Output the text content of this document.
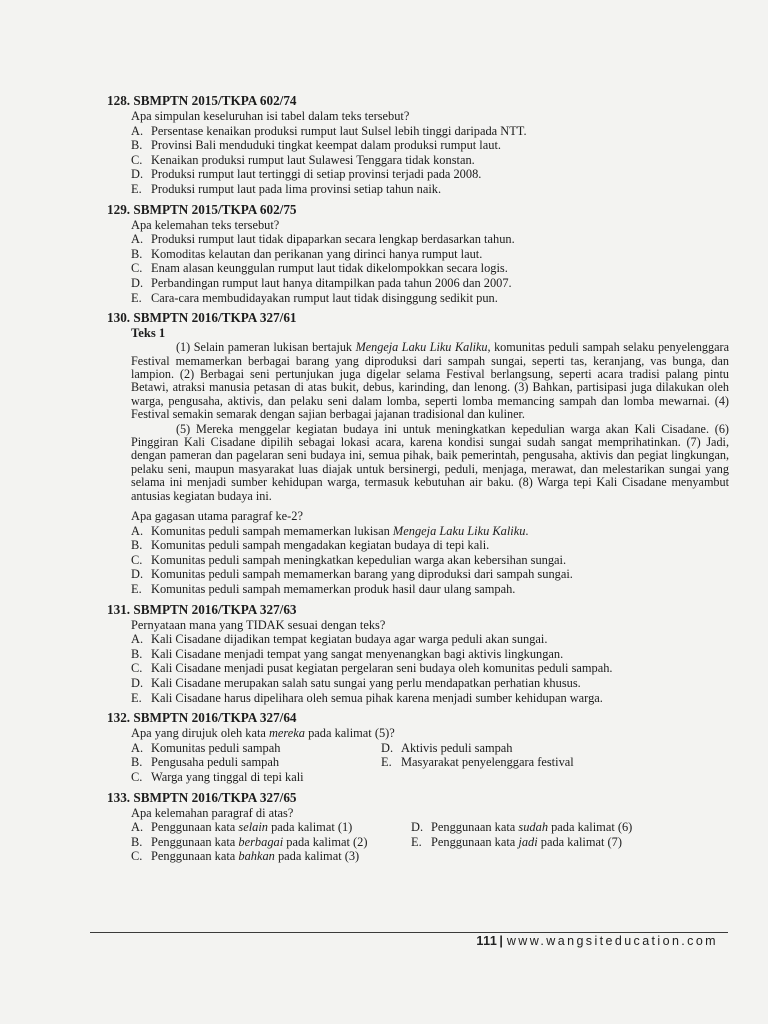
128. SBMPTN 2015/TKPA 602/74
Apa simpulan keseluruhan isi tabel dalam teks tersebut?
A. Persentase kenaikan produksi rumput laut Sulsel lebih tinggi daripada NTT.
B. Provinsi Bali menduduki tingkat keempat dalam produksi rumput laut.
C. Kenaikan produksi rumput laut Sulawesi Tenggara tidak konstan.
D. Produksi rumput laut tertinggi di setiap provinsi terjadi pada 2008.
E. Produksi rumput laut pada lima provinsi setiap tahun naik.
129. SBMPTN 2015/TKPA 602/75
Apa kelemahan teks tersebut?
A. Produksi rumput laut tidak dipaparkan secara lengkap berdasarkan tahun.
B. Komoditas kelautan dan perikanan yang dirinci hanya rumput laut.
C. Enam alasan keunggulan rumput laut tidak dikelompokkan secara logis.
D. Perbandingan rumput laut hanya ditampilkan pada tahun 2006 dan 2007.
E. Cara-cara membudidayakan rumput laut tidak disinggung sedikit pun.
130. SBMPTN 2016/TKPA 327/61
Teks 1

(1) Selain pameran lukisan bertajuk Mengeja Laku Liku Kaliku, komunitas peduli sampah selaku penyelenggara Festival memamerkan berbagai barang yang diproduksi dari sampah sungai, seperti tas, keranjang, vas bunga, dan lampion. (2) Berbagai seni pertunjukan juga digelar selama Festival berlangsung, seperti acara tradisi palang pintu Betawi, atraksi manusia petasan di atas bukit, debus, karinding, dan lenong. (3) Bahkan, partisipasi juga dilakukan oleh warga, pengusaha, aktivis, dan pelaku seni dalam lomba, seperti lomba memancing sampah dan lomba mewarnai. (4) Festival semakin semarak dengan sajian berbagai jajanan tradisional dan kuliner.

(5) Mereka menggelar kegiatan budaya ini untuk meningkatkan kepedulian warga akan Kali Cisadane. (6) Pinggiran Kali Cisadane dipilih sebagai lokasi acara, karena kondisi sungai sudah sangat memprihatinkan. (7) Jadi, dengan pameran dan pagelaran seni budaya ini, semua pihak, baik pemerintah, pengusaha, aktivis dan pegiat lingkungan, pelaku seni, maupun masyarakat luas diajak untuk bersinergi, peduli, menjaga, merawat, dan melestarikan sungai yang selama ini menjadi sumber kehidupan warga, termasuk kebutuhan air baku. (8) Warga tepi Kali Cisadane menyambut antusias kegiatan budaya ini.

Apa gagasan utama paragraf ke-2?
A. Komunitas peduli sampah memamerkan lukisan Mengeja Laku Liku Kaliku.
B. Komunitas peduli sampah mengadakan kegiatan budaya di tepi kali.
C. Komunitas peduli sampah meningkatkan kepedulian warga akan kebersihan sungai.
D. Komunitas peduli sampah memamerkan barang yang diproduksi dari sampah sungai.
E. Komunitas peduli sampah memamerkan produk hasil daur ulang sampah.
131. SBMPTN 2016/TKPA 327/63
Pernyataan mana yang TIDAK sesuai dengan teks?
A. Kali Cisadane dijadikan tempat kegiatan budaya agar warga peduli akan sungai.
B. Kali Cisadane menjadi tempat yang sangat menyenangkan bagi aktivis lingkungan.
C. Kali Cisadane menjadi pusat kegiatan pergelaran seni budaya oleh komunitas peduli sampah.
D. Kali Cisadane merupakan salah satu sungai yang perlu mendapatkan perhatian khusus.
E. Kali Cisadane harus dipelihara oleh semua pihak karena menjadi sumber kehidupan warga.
132. SBMPTN 2016/TKPA 327/64
Apa yang dirujuk oleh kata mereka pada kalimat (5)?
A. Komunitas peduli sampah	D. Aktivis peduli sampah
B. Pengusaha peduli sampah	E. Masyarakat penyelenggara festival
C. Warga yang tinggal di tepi kali
133. SBMPTN 2016/TKPA 327/65
Apa kelemahan paragraf di atas?
A. Penggunaan kata selain pada kalimat (1)	D. Penggunaan kata sudah pada kalimat (6)
B. Penggunaan kata berbagai pada kalimat (2)	E. Penggunaan kata jadi pada kalimat (7)
C. Penggunaan kata bahkan pada kalimat (3)
111 | www.wangsiteducation.com
